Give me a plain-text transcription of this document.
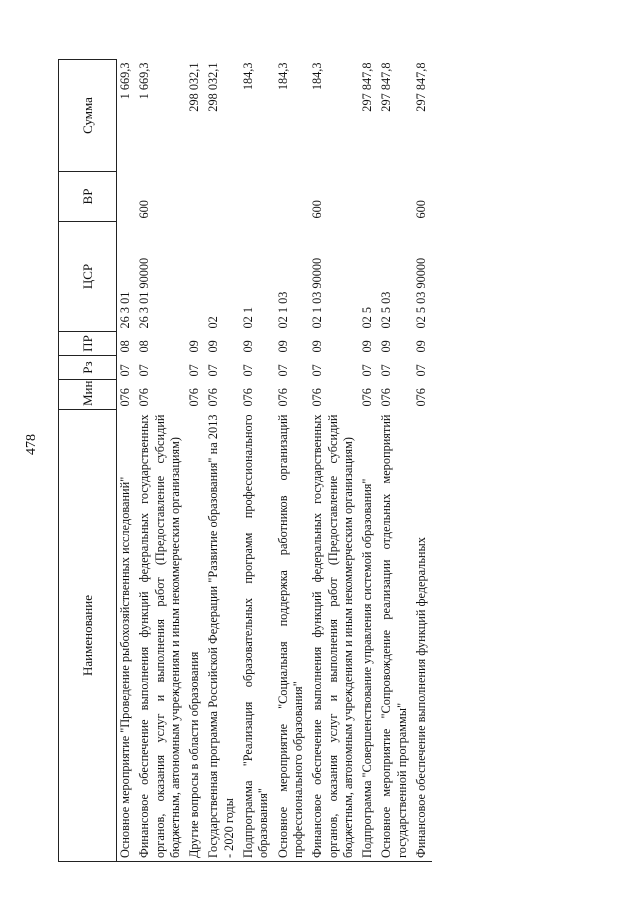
478
Наименование	Мин	Рз	ПР	ЦСР	ВР	Сумма
Основное мероприятие "Проведение рыбохозяйственных исследований"	076	07	08	26 3 01		1 669,3
Финансовое обеспечение выполнения функций федеральных государственных органов, оказания услуг и выполнения работ (Предоставление субсидий бюджетным, автономным учреждениям и иным некоммерческим организациям)	076	07	08	26 3 01 90000	600	1 669,3
Другие вопросы в области образования	076	07	09			298 032,1
Государственная программа Российской Федерации "Развитие образования" на 2013 - 2020 годы	076	07	09	02		298 032,1
Подпрограмма "Реализация образовательных программ профессионального образования"	076	07	09	02 1		184,3
Основное мероприятие "Социальная поддержка работников организаций профессионального образования"	076	07	09	02 1 03		184,3
Финансовое обеспечение выполнения функций федеральных государственных органов, оказания услуг и выполнения работ (Предоставление субсидий бюджетным, автономным учреждениям и иным некоммерческим организациям)	076	07	09	02 1 03 90000	600	184,3
Подпрограмма "Совершенствование управления системой образования"	076	07	09	02 5		297 847,8
Основное мероприятие "Сопровождение реализации отдельных мероприятий государственной программы"	076	07	09	02 5 03		297 847,8
Финансовое обеспечение выполнения функций федеральных	076	07	09	02 5 03 90000	600	297 847,8
